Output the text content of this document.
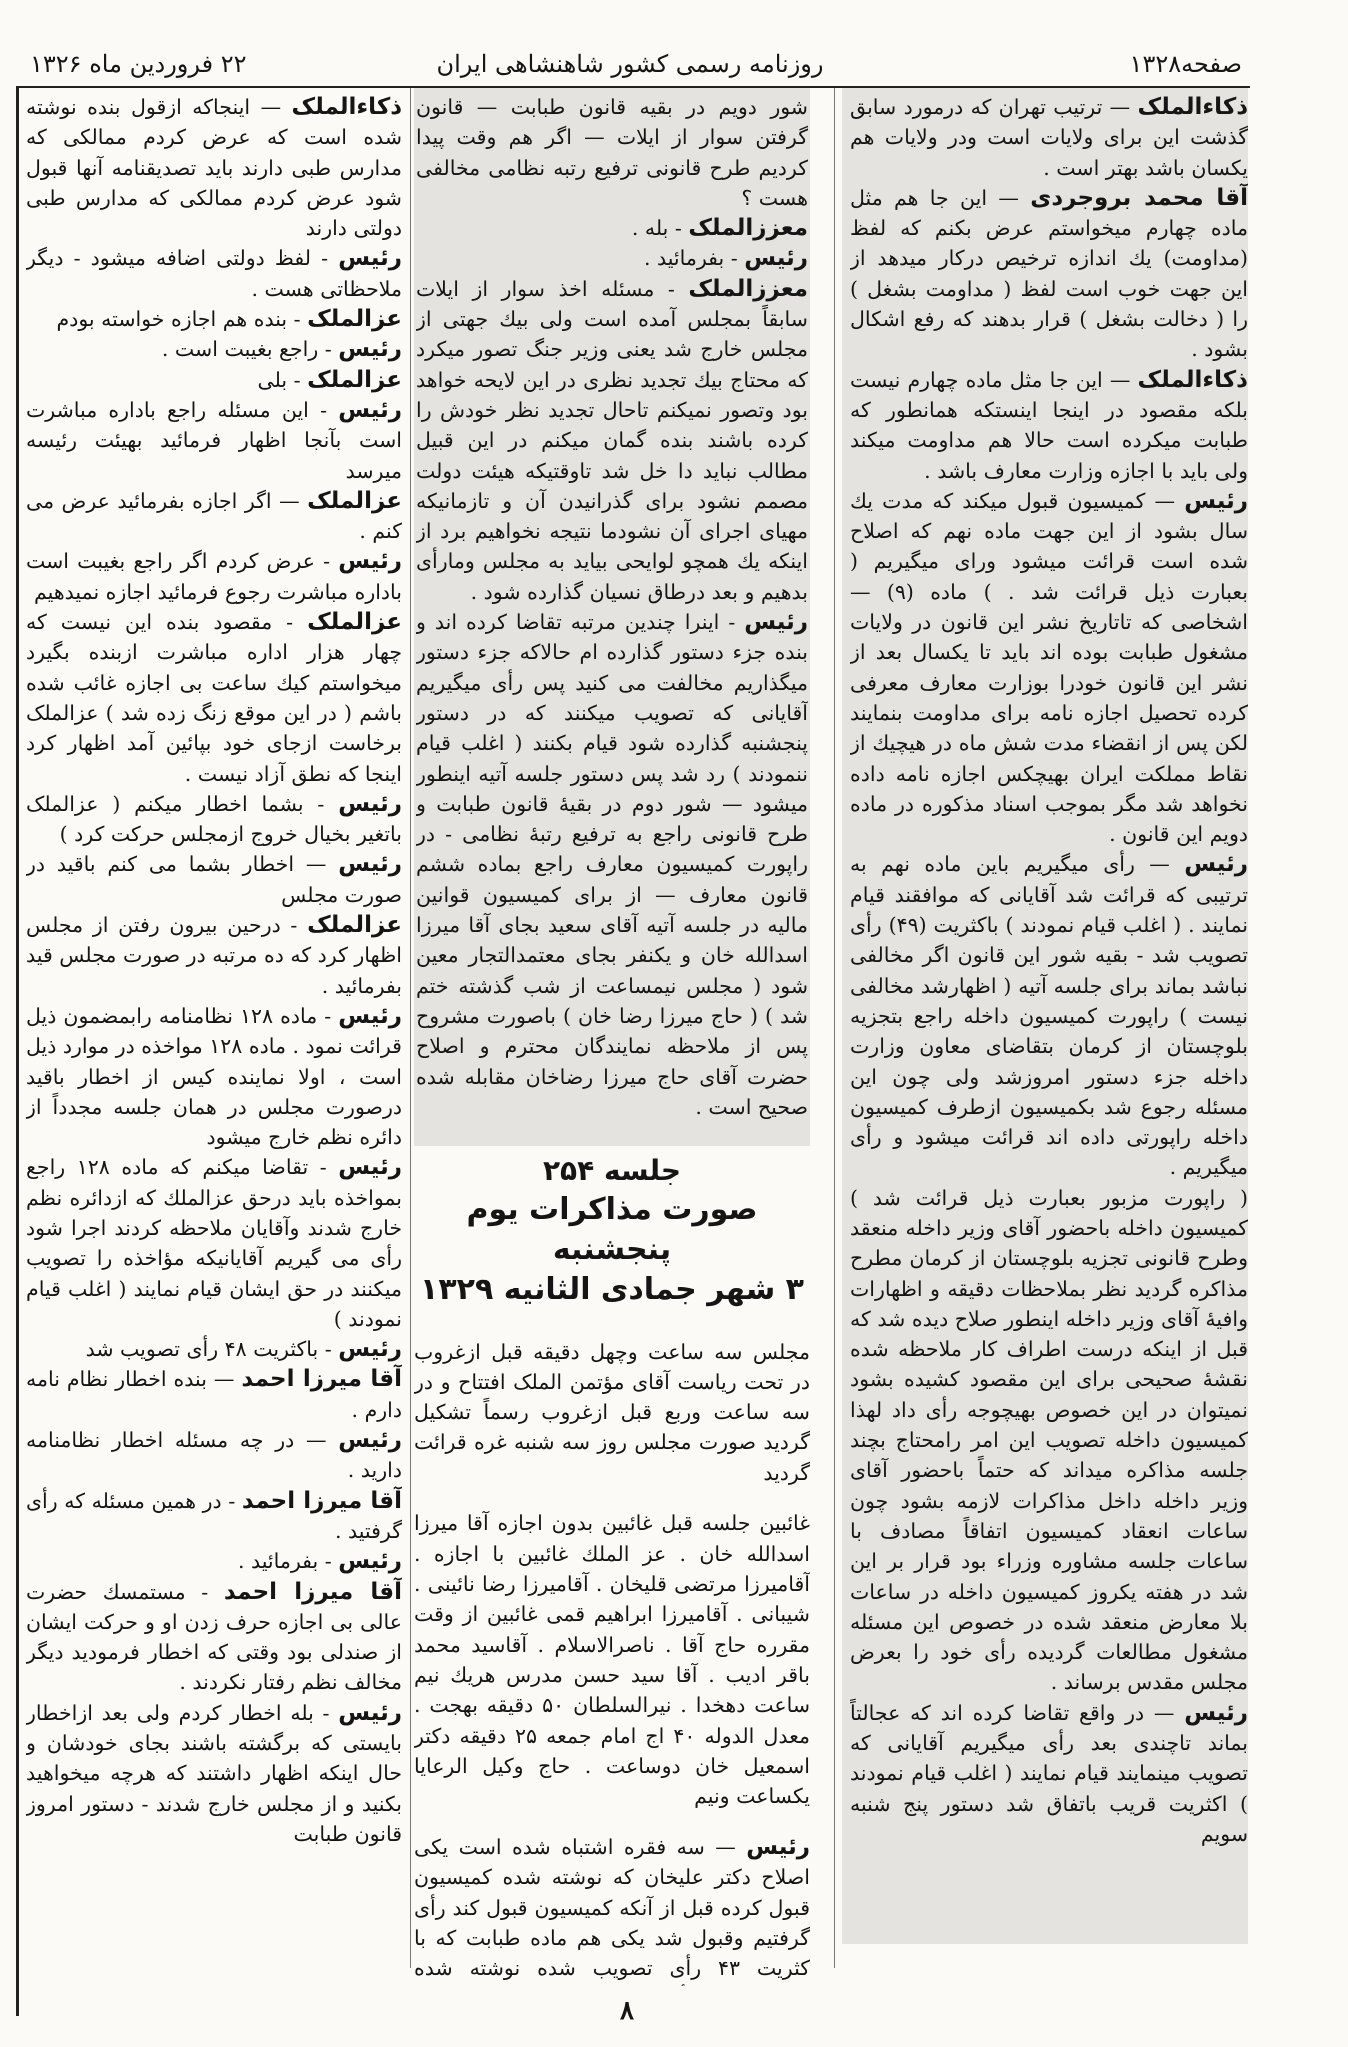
صفحه۱۳۲۸
روزنامه رسمی کشور شاهنشاهی ایران
۲۲ فروردین ماه ۱۳۲۶

ذکاءالملک — ترتیب تهران که درمورد سابق گذشت این برای ولایات است ودر ولایات هم یکسان باشد بهتر است .

آقا محمد بروجردی — این جا هم مثل ماده چهارم میخواستم عرض بکنم که لفظ (مداومت) یك اندازه ترخیص درکار میدهد از این جهت خوب است لفظ ( مداومت بشغل ) را ( دخالت بشغل ) قرار بدهند که رفع اشکال بشود .

ذکاءالملک — این جا مثل ماده چهارم نیست بلکه مقصود در اینجا اینستکه همانطور که طبابت میکرده است حالا هم مداومت میکند ولی باید با اجازه وزارت معارف باشد .

رئیس — کمیسیون قبول میکند که مدت یك سال بشود از این جهت ماده نهم که اصلاح شده است قرائت میشود ورای میگیریم ( بعبارت ذیل قرائت شد . ) ماده (۹) — اشخاصی که تاتاریخ نشر این قانون در ولایات مشغول طبابت بوده اند باید تا یکسال بعد از نشر این قانون خودرا بوزارت معارف معرفی کرده تحصیل اجازه نامه برای مداومت بنمایند لکن پس از انقضاء مدت شش ماه در هیچیك از نقاط مملکت ایران بهیچکس اجازه نامه داده نخواهد شد مگر بموجب اسناد مذکوره در ماده دویم این قانون .

رئیس — رأی میگیریم باین ماده نهم به ترتیبی که قرائت شد آقایانی که موافقند قیام نمایند . ( اغلب قیام نمودند ) باکثریت (۴۹) رأی تصویب شد - بقیه شور این قانون اگر مخالفی نباشد بماند برای جلسه آتیه ( اظهارشد مخالفی نیست ) راپورت کمیسیون داخله راجع بتجزیه بلوچستان از کرمان بتقاضای معاون وزارت داخله جزء دستور امروزشد ولی چون این مسئله رجوع شد بکمیسیون ازطرف کمیسیون داخله راپورتی داده اند قرائت میشود و رأی میگیریم .

( راپورت مزبور بعبارت ذیل قرائت شد ) کمیسیون داخله باحضور آقای وزیر داخله منعقد وطرح قانونی تجزیه بلوچستان از کرمان مطرح مذاکره گردید نظر بملاحظات دقیقه و اظهارات وافیهٔ آقای وزیر داخله اینطور صلاح دیده شد که قبل از اینکه درست اطراف کار ملاحظه شده نقشهٔ صحیحی برای این مقصود کشیده بشود نمیتوان در این خصوص بهیچوجه رأی داد لهذا کمیسیون داخله تصویب این امر رامحتاج بچند جلسه مذاکره میداند که حتماً باحضور آقای وزیر داخله داخل مذاکرات لازمه بشود چون ساعات انعقاد کمیسیون اتفاقاً مصادف با ساعات جلسه مشاوره وزراء بود قرار بر این شد در هفته یکروز کمیسیون داخله در ساعات بلا معارض منعقد شده در خصوص این مسئله مشغول مطالعات گردیده رأی خود را بعرض مجلس مقدس برساند .

رئیس — در واقع تقاضا کرده اند که عجالتاً بماند تاچندی بعد رأی میگیریم آقایانی که تصویب مینمایند قیام نمایند ( اغلب قیام نمودند ) اکثریت قریب باتفاق شد دستور پنج شنبه سویم

شور دویم در بقیه قانون طبابت — قانون گرفتن سوار از ایلات — اگر هم وقت پیدا کردیم طرح قانونی ترفیع رتبه نظامی مخالفی هست ؟

معززالملک - بله .

رئیس - بفرمائید .

معززالملک - مسئله اخذ سوار از ایلات سابقاً بمجلس آمده است ولی بیك جهتی از مجلس خارج شد یعنی وزیر جنگ تصور میکرد که محتاج بیك تجدید نظری در این لایحه خواهد بود وتصور نمیکنم تاحال تجدید نظر خودش را کرده باشند بنده گمان میکنم در این قبیل مطالب نباید دا خل شد تاوقتیکه هیئت دولت مصمم نشود برای گذرانیدن آن و تازمانیکه مهیای اجرای آن نشودما نتیجه نخواهیم برد از اینکه یك همچو لوایحی بیاید به مجلس ومارأی بدهیم و بعد درطاق نسیان گذارده شود .

رئیس - اینرا چندین مرتبه تقاضا کرده اند و بنده جزء دستور گذارده ام حالاکه جزء دستور میگذاریم مخالفت می کنید پس رأی میگیریم آقایانی که تصویب میکنند که در دستور پنجشنبه گذارده شود قیام بکنند ( اغلب قیام ننمودند ) رد شد پس دستور جلسه آتیه اینطور میشود — شور دوم در بقیهٔ قانون طبابت و طرح قانونی راجع به ترفیع رتبهٔ نظامی - در راپورت کمیسیون معارف راجع بماده ششم قانون معارف — از برای کمیسیون قوانین مالیه در جلسه آتیه آقای سعید بجای آقا میرزا اسدالله خان و یکنفر بجای معتمدالتجار معین شود ( مجلس نیمساعت از شب گذشته ختم شد ) ( حاج میرزا رضا خان ) باصورت مشروح پس از ملاحظه نمایندگان محترم و اصلاح حضرت آقای حاج میرزا رضاخان مقابله شده صحیح است .

جلسه ۲۵۴
صورت مذاکرات یوم پنجشنبه
۳ شهر جمادی الثانیه ۱۳۲۹

مجلس سه ساعت وچهل دقیقه قبل ازغروب در تحت ریاست آقای مؤتمن الملک افتتاح و در سه ساعت وربع قبل ازغروب رسماً تشکیل گردید صورت مجلس روز سه شنبه غره قرائت گردید

غائبین جلسه قبل غائبین بدون اجازه آقا میرزا اسدالله خان . عز الملك غائبین با اجازه . آقامیرزا مرتضی قلیخان . آقامیرزا رضا نائینی . شیبانی . آقامیرزا ابراهیم قمی غائبین از وقت مقرره حاج آقا . ناصرالاسلام . آقاسید محمد باقر ادیب . آقا سید حسن مدرس هریك نیم ساعت دهخدا . نیرالسلطان ۵۰ دقیقه بهجت . معدل الدوله ۴۰ اج امام جمعه ۲۵ دقیقه دکتر اسمعیل خان دوساعت . حاج وکیل الرعایا یکساعت ونیم

رئیس — سه فقره اشتباه شده است یکی اصلاح دکتر علیخان که نوشته شده کمیسیون قبول کرده قبل از آنکه کمیسیون قبول کند رأی گرفتیم وقبول شد یکی هم ماده طبابت که با کثریت ۴۳ رأی تصویب شده نوشته شده

ذکاءالملک — اینجاکه ازقول بنده نوشته شده است که عرض کردم ممالکی که مدارس طبی دارند باید تصدیقنامه آنها قبول شود عرض کردم ممالکی که مدارس طبی دولتی دارند

رئیس - لفظ دولتی اضافه میشود - دیگر ملاحظاتی هست .

عزالملک - بنده هم اجازه خواسته بودم

رئیس - راجع بغیبت است .

عزالملک - بلی

رئیس - این مسئله راجع باداره مباشرت است بآنجا اظهار فرمائید بهیئت رئیسه میرسد

عزالملک — اگر اجازه بفرمائید عرض می کنم .

رئیس - عرض کردم اگر راجع بغیبت است باداره مباشرت رجوع فرمائید اجازه نمیدهیم

عزالملک - مقصود بنده این نیست که چهار هزار اداره مباشرت ازبنده بگیرد میخواستم کیك ساعت بی اجازه غائب شده باشم ( در این موقع زنگ زده شد ) عزالملک برخاست ازجای خود بپائین آمد اظهار کرد اینجا که نطق آزاد نیست .

رئیس - بشما اخطار میکنم ( عزالملک باتغیر بخیال خروج ازمجلس حرکت کرد )

رئیس — اخطار بشما می کنم باقید در صورت مجلس

عزالملک - درحین بیرون رفتن از مجلس اظهار کرد که ده مرتبه در صورت مجلس قید بفرمائید .

رئیس - ماده ۱۲۸ نظامنامه رابمضمون ذیل قرائت نمود . ماده ۱۲۸ مواخذه در موارد ذیل است ، اولا نماینده کیس از اخطار باقید درصورت مجلس در همان جلسه مجدداً از دائره نظم خارج میشود

رئیس - تقاضا میکنم که ماده ۱۲۸ راجع بمواخذه باید درحق عزالملك که ازدائره نظم خارج شدند وآقایان ملاحظه کردند اجرا شود رأی می گیریم آقایانیکه مؤاخذه را تصویب میکنند در حق ایشان قیام نمایند ( اغلب قیام نمودند )

رئیس - باکثریت ۴۸ رأی تصویب شد

آقا میرزا احمد — بنده اخطار نظام نامه دارم .

رئیس — در چه مسئله اخطار نظامنامه دارید .

آقا میرزا احمد - در همین مسئله که رأی گرفتید .

رئیس - بفرمائید .

آقا میرزا احمد - مستمسك حضرت عالی بی اجازه حرف زدن او و حرکت ایشان از صندلی بود وقتی که اخطار فرمودید دیگر مخالف نظم رفتار نکردند .

رئیس - بله اخطار کردم ولی بعد ازاخطار بایستی که برگشته باشند بجای خودشان و حال اینکه اظهار داشتند که هرچه میخواهید بکنید و از مجلس خارج شدند - دستور امروز قانون طبابت

۸
